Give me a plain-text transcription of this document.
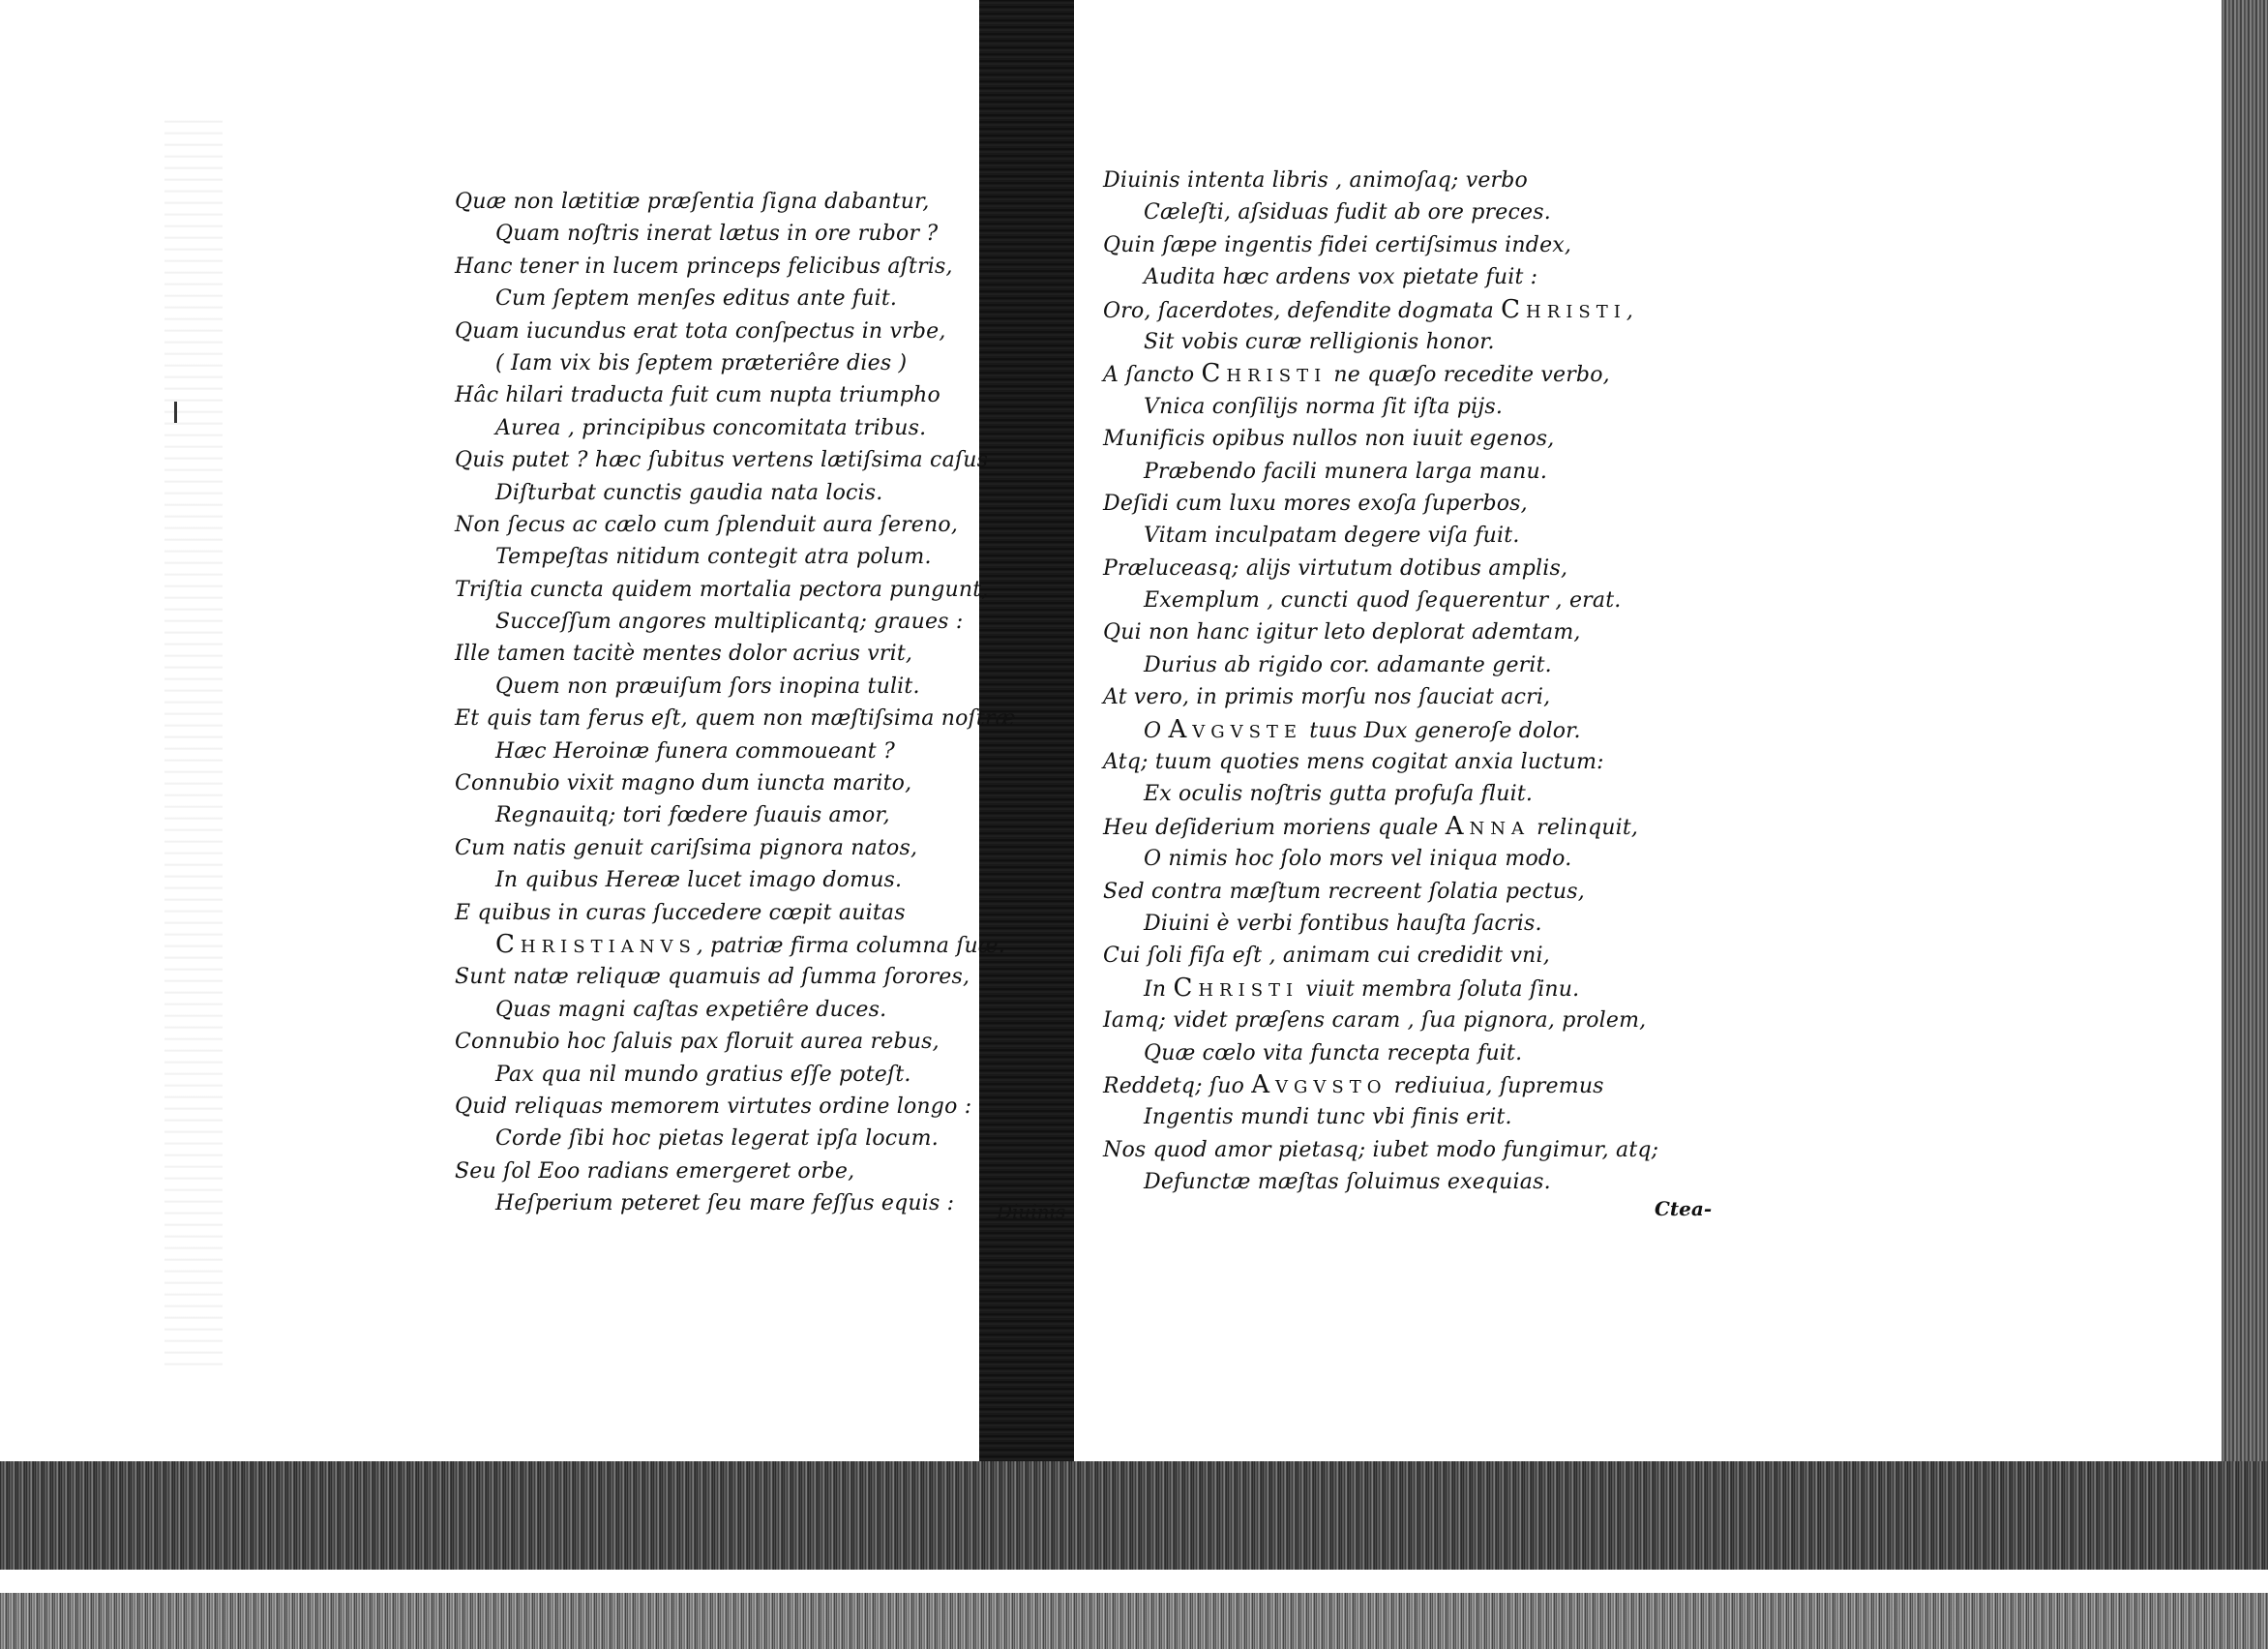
Quæ non lætitiæ præſentia ſigna dabantur,
Quam noſtris inerat lætus in ore rubor ?
Hanc tener in lucem princeps felicibus aſtris,
Cum ſeptem menſes editus ante fuit.
Quam iucundus erat tota conſpectus in vrbe,
( Iam vix bis ſeptem præteriêre dies )
Hâc hilari traducta fuit cum nupta triumpho
Aurea , principibus concomitata tribus.
Quis putet ? hæc ſubitus vertens lætiſsima caſus
Diſturbat cunctis gaudia nata locis.
Non ſecus ac cælo cum ſplenduit aura ſereno,
Tempeſtas nitidum contegit atra polum.
Triſtia cuncta quidem mortalia pectora pungunt,
Succeſſum angores multiplicantq; graues :
Ille tamen tacitè mentes dolor acrius vrit,
Quem non præuiſum ſors inopina tulit.
Et quis tam ferus eſt, quem non mæſtiſsima noſtræ
Hæc Heroinæ funera commoueant ?
Connubio vixit magno dum iuncta marito,
Regnauitq; tori fœdere ſuauis amor,
Cum natis genuit cariſsima pignora natos,
In quibus Hereæ lucet imago domus.
E quibus in curas ſuccedere cœpit auitas
Christianvs, patriæ firma columna ſuæ.
Sunt natæ reliquæ quamuis ad ſumma ſorores,
Quas magni caſtas expetiêre duces.
Connubio hoc ſaluis pax floruit aurea rebus,
Pax qua nil mundo gratius eſſe poteſt.
Quid reliquas memorem virtutes ordine longo :
Corde ſibi hoc pietas legerat ipſa locum.
Seu ſol Eoo radians emergeret orbe,
Heſperium peteret ſeu mare feſſus equis :	Diuinis
Diuinis intenta libris , animoſaq; verbo
Cæleſti, aſsiduas fudit ab ore preces.
Quin ſæpe ingentis fidei certiſsimus index,
Audita hæc ardens vox pietate fuit :
Oro, ſacerdotes, defendite dogmata Christi,
Sit vobis curæ relligionis honor.
A ſancto Christi ne quæſo recedite verbo,
Vnica conſilijs norma ſit iſta pijs.
Munificis opibus nullos non iuuit egenos,
Præbendo facili munera larga manu.
Deſidi cum luxu mores exoſa ſuperbos,
Vitam inculpatam degere viſa fuit.
Præluceasq; alijs virtutum dotibus amplis,
Exemplum , cuncti quod ſequerentur , erat.
Qui non hanc igitur leto deplorat ademtam,
Durius ab rigido cor. adamante gerit.
At vero, in primis morſu nos ſauciat acri,
O Avgvste tuus Dux generoſe dolor.
Atq; tuum quoties mens cogitat anxia luctum:
Ex oculis noſtris gutta profuſa fluit.
Heu deſiderium moriens quale Anna relinquit,
O nimis hoc ſolo mors vel iniqua modo.
Sed contra mæſtum recreent ſolatia pectus,
Diuini è verbi fontibus hauſta ſacris.
Cui ſoli fiſa eſt , animam cui credidit vni,
In Christi viuit membra ſoluta ſinu.
Iamq; videt præſens caram , ſua pignora, prolem,
Quæ cœlo vita functa recepta fuit.
Reddetq; ſuo Avgvsto rediuiua, ſupremus
Ingentis mundi tunc vbi finis erit.
Nos quod amor pietasq; iubet modo fungimur, atq;
Defunctæ mæſtas ſoluimus exequias.
Ctea-
